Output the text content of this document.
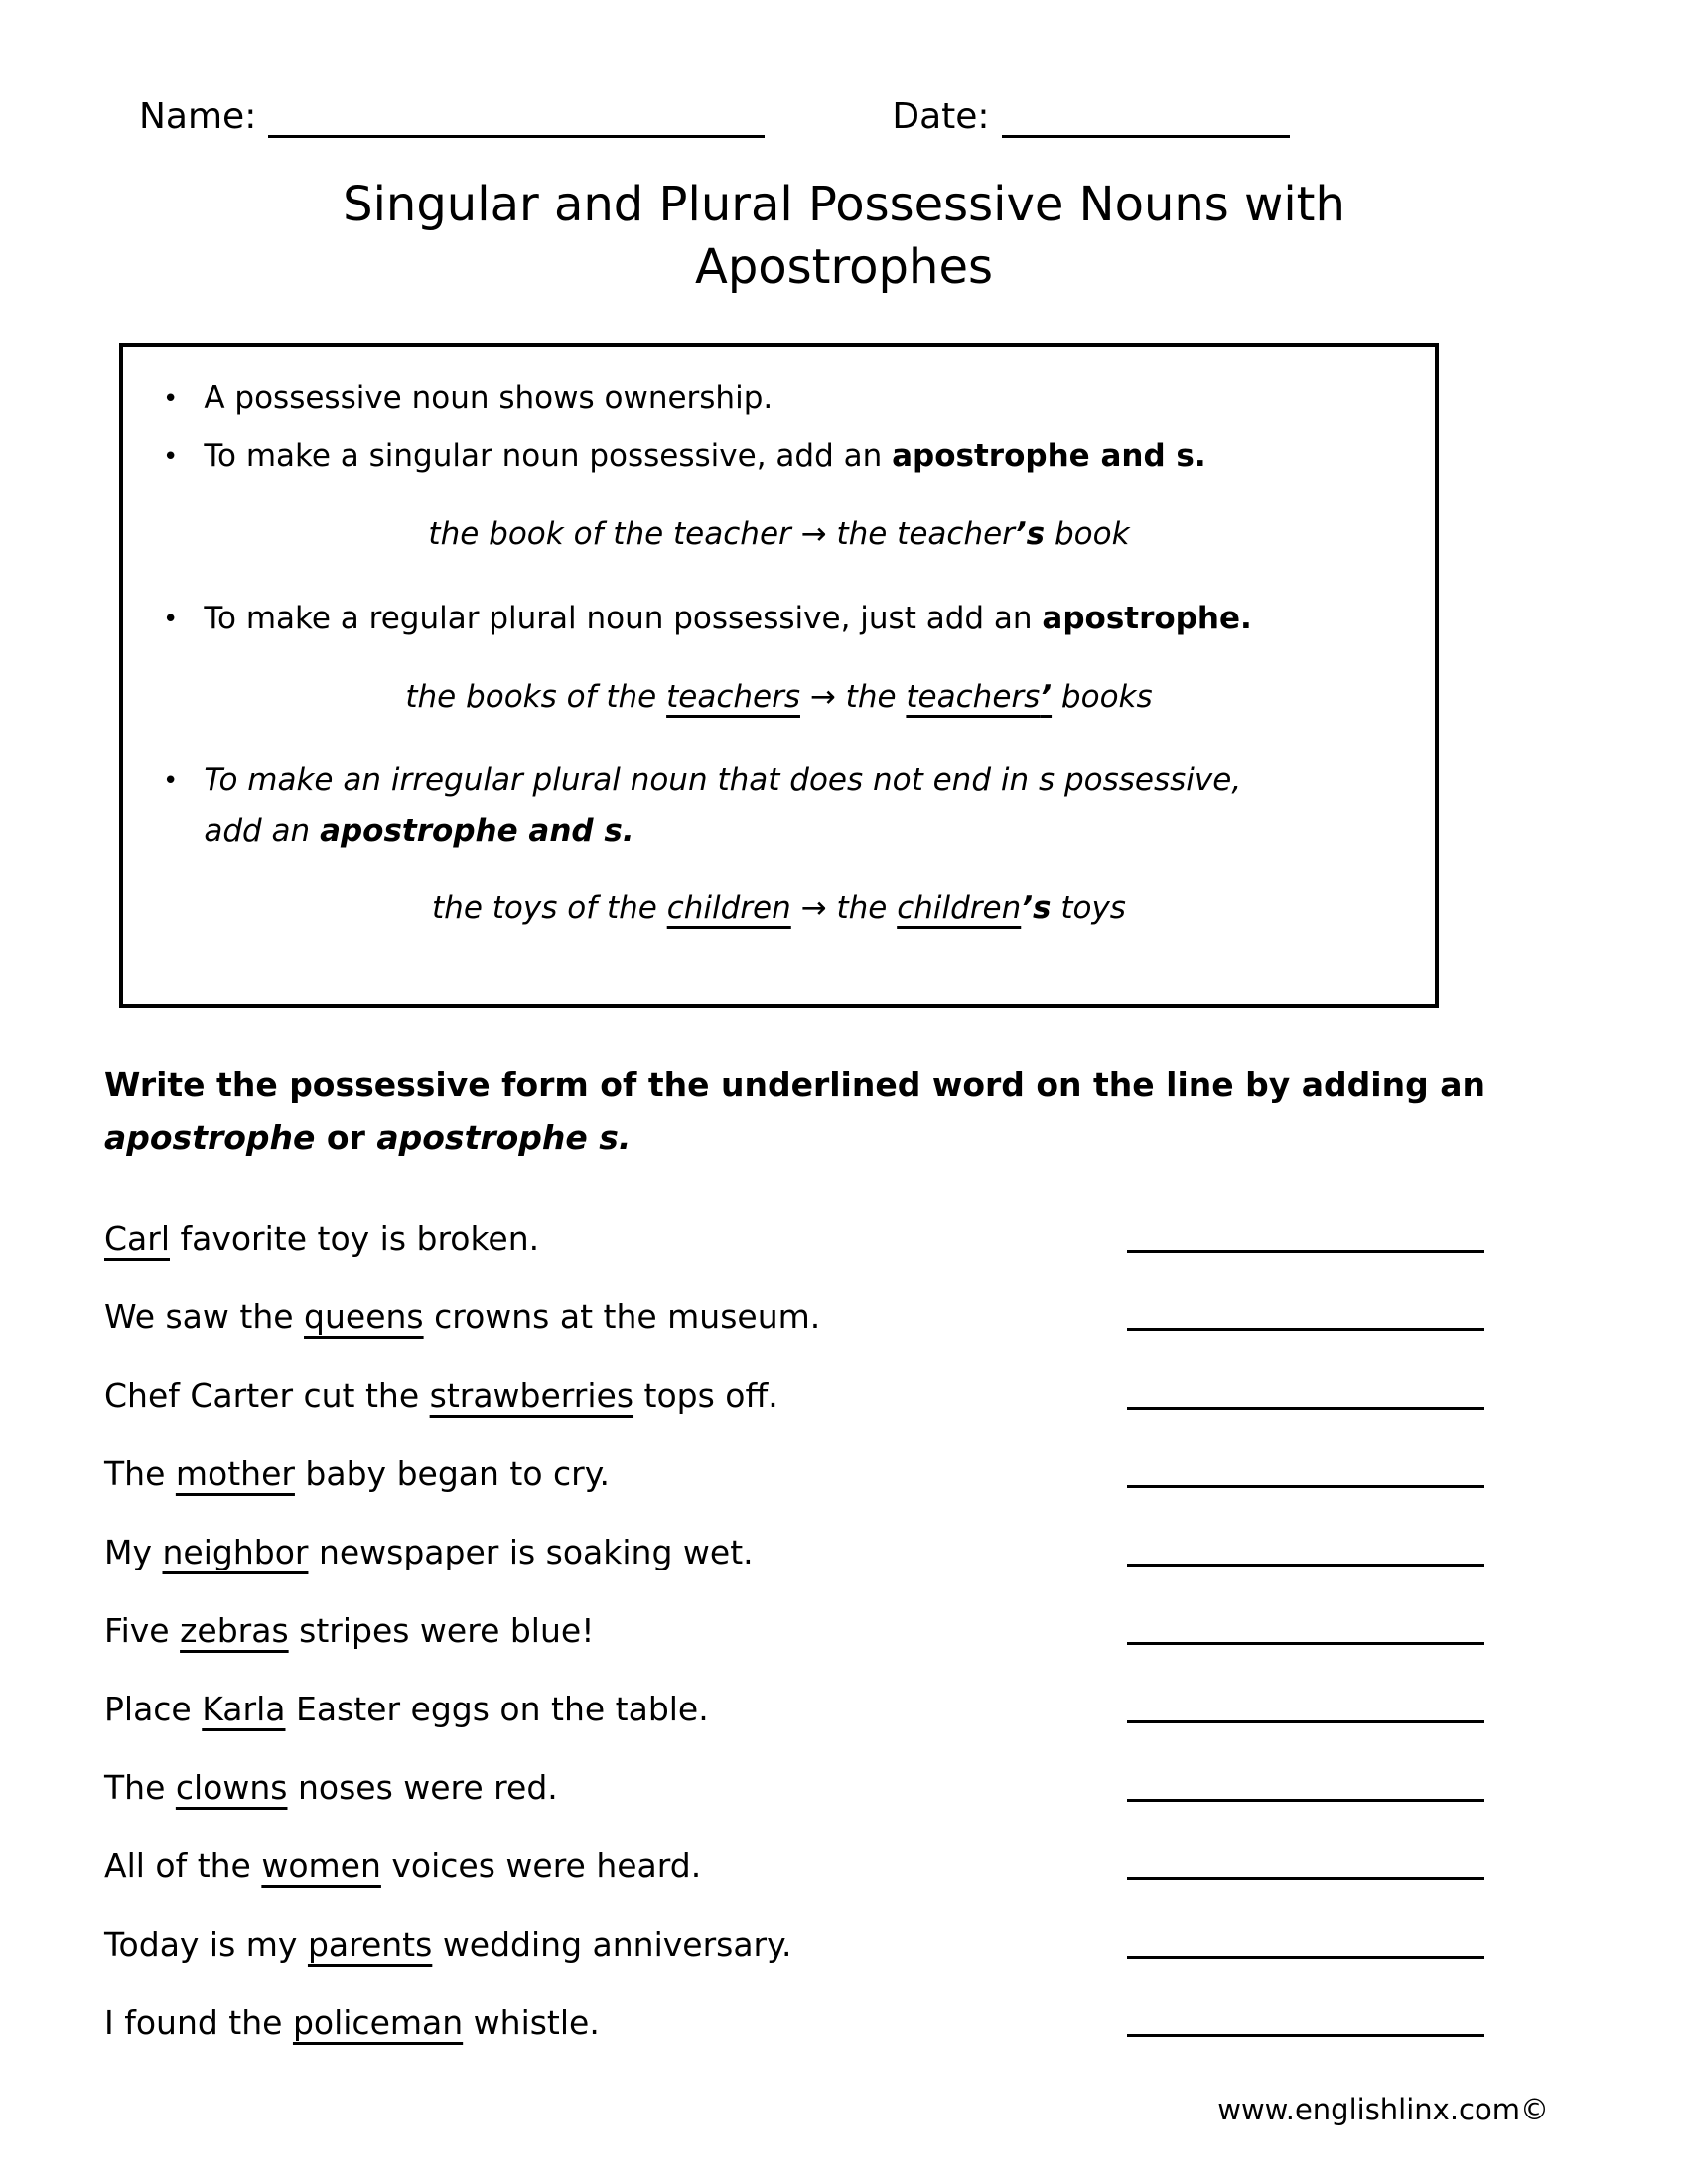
Name:	Date:
Singular and Plural Possessive Nouns with Apostrophes
• A possessive noun shows ownership.
• To make a singular noun possessive, add an apostrophe and s.
the book of the teacher → the teacher’s book
• To make a regular plural noun possessive, just add an apostrophe.
the books of the teachers → the teachers’ books
• To make an irregular plural noun that does not end in s possessive,
add an apostrophe and s.
the toys of the children → the children’s toys
Write the possessive form of the underlined word on the line by adding an
apostrophe or apostrophe s.
Carl favorite toy is broken.
We saw the queens crowns at the museum.
Chef Carter cut the strawberries tops off.
The mother baby began to cry.
My neighbor newspaper is soaking wet.
Five zebras stripes were blue!
Place Karla Easter eggs on the table.
The clowns noses were red.
All of the women voices were heard.
Today is my parents wedding anniversary.
I found the policeman whistle.
www.englishlinx.com©
